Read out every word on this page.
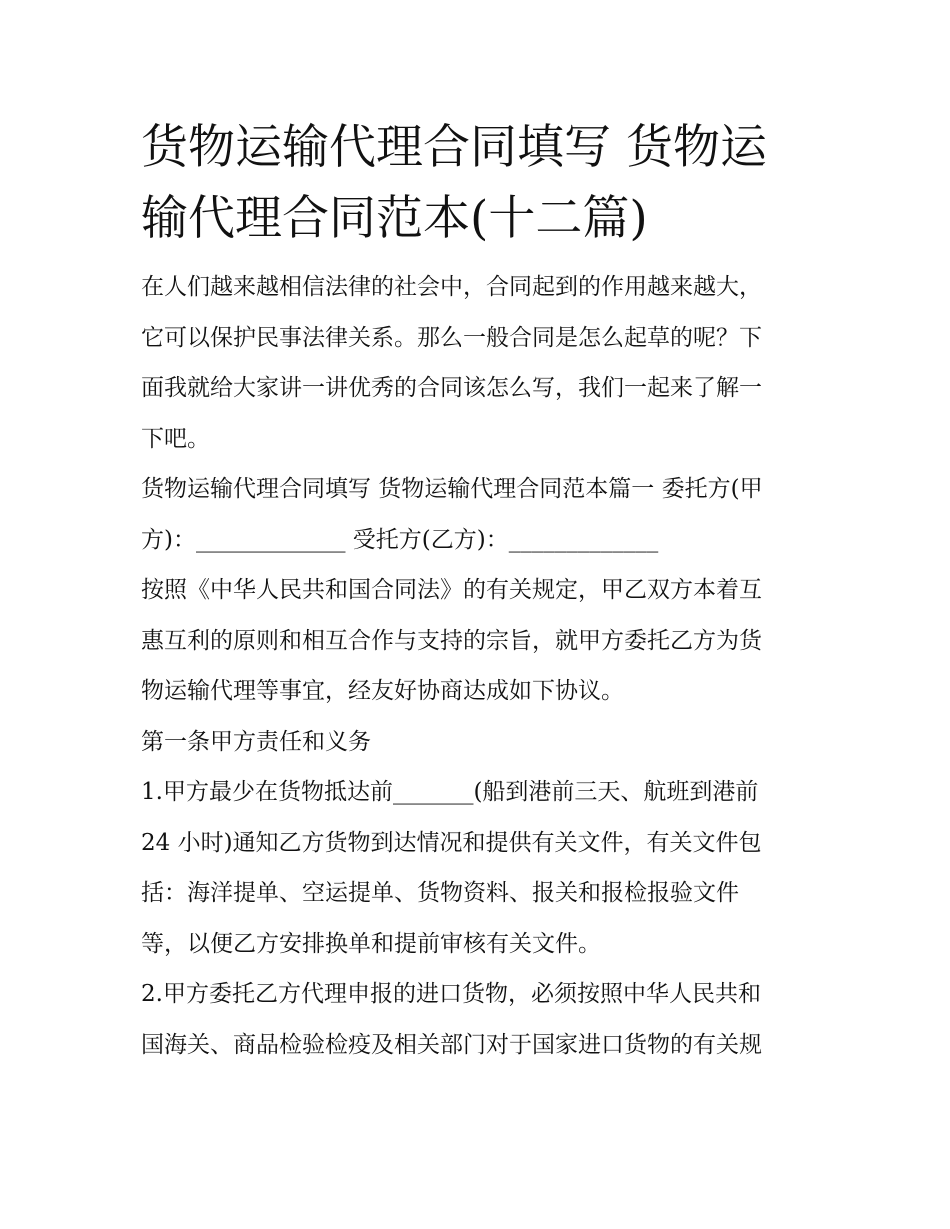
货物运输代理合同填写 货物运
输代理合同范本(十二篇)

在人们越来越相信法律的社会中，合同起到的作用越来越大，
它可以保护民事法律关系。那么一般合同是怎么起草的呢？下
面我就给大家讲一讲优秀的合同该怎么写，我们一起来了解一
下吧。

货物运输代理合同填写 货物运输代理合同范本篇一 委托方(甲
方)：_____________ 受托方(乙方)：_____________

按照《中华人民共和国合同法》的有关规定，甲乙双方本着互
惠互利的原则和相互合作与支持的宗旨，就甲方委托乙方为货
物运输代理等事宜，经友好协商达成如下协议。

第一条甲方责任和义务

1.甲方最少在货物抵达前_______(船到港前三天、航班到港前
24 小时)通知乙方货物到达情况和提供有关文件，有关文件包
括：海洋提单、空运提单、货物资料、报关和报检报验文件
等，以便乙方安排换单和提前审核有关文件。

2.甲方委托乙方代理申报的进口货物，必须按照中华人民共和
国海关、商品检验检疫及相关部门对于国家进口货物的有关规
